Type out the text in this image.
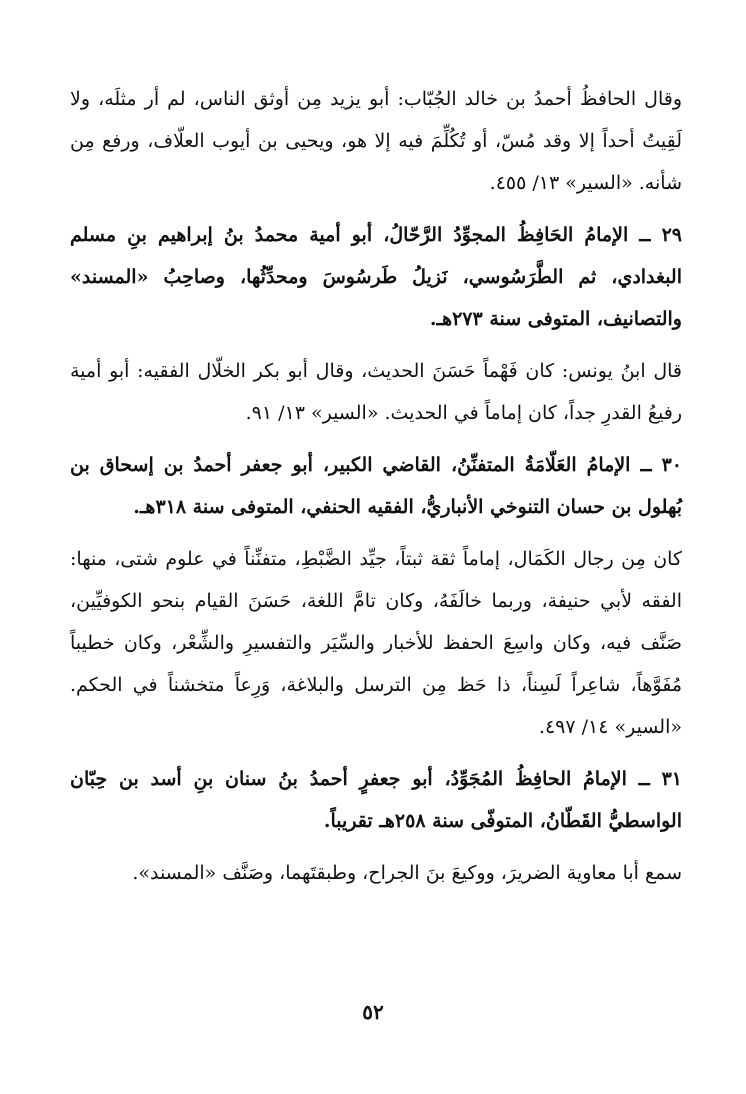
وقال الحافظُ أحمدُ بن خالد الجُبّاب: أبو يزيد مِن أوثق الناس، لم أر مثلَه، ولا لَقِيتُ أحداً إلا وقد مُسّ، أو تُكُلِّمَ فيه إلا هو، ويحيى بن أيوب العلّاف، ورفع مِن شأنه. «السير» ١٣/ ٤٥٥.

٢٩ ــ الإمامُ الحَافِظُ المجوِّدُ الرَّحّالُ، أبو أمية محمدُ بنُ إبراهيم بنِ مسلم البغدادي، ثم الطَّرَسُوسي، نَزيلُ طَرسُوسَ ومحدِّثُها، وصاحِبُ «المسند» والتصانيف، المتوفى سنة ٢٧٣هـ.

قال ابنُ يونس: كان فَهْماً حَسَنَ الحديث، وقال أبو بكر الخلّال الفقيه: أبو أمية رفيعُ القدرِ جداً، كان إماماً في الحديث. «السير» ١٣/ ٩١.

٣٠ ــ الإمامُ العَلّامَةُ المتفنِّنُ، القاضي الكبير، أبو جعفر أحمدُ بن إسحاق بن بُهلول بن حسان التنوخي الأنباريُّ، الفقيه الحنفي، المتوفى سنة ٣١٨هـ.

كان مِن رجال الكَمَال، إماماً ثقة ثبتاً، جيِّد الضَّبْطِ، متفنِّناً في علوم شتى، منها: الفقه لأبي حنيفة، وربما خالَفَهُ، وكان تامَّ اللغة، حَسَنَ القيام بنحو الكوفيِّين، صَنَّف فيه، وكان واسِعَ الحفظ للأخبار والسِّيَر والتفسيرِ والشِّعْر، وكان خطيباً مُفَوَّهاً، شاعِراً لَسِناً، ذا حَظ مِن الترسل والبلاغة، وَرِعاً متخشناً في الحكم. «السير» ١٤/ ٤٩٧.

٣١ ــ الإمامُ الحافِظُ المُجَوِّدُ، أبو جعفرٍ أحمدُ بنُ سنان بنِ أسد بن حِبّان الواسطيُّ القَطّانُ، المتوفّى سنة ٢٥٨هـ تقريباً.

سمع أبا معاوية الضريرَ، ووكيعَ بنَ الجراح، وطبقتَهما، وصَنَّف «المسند».

٥٢
